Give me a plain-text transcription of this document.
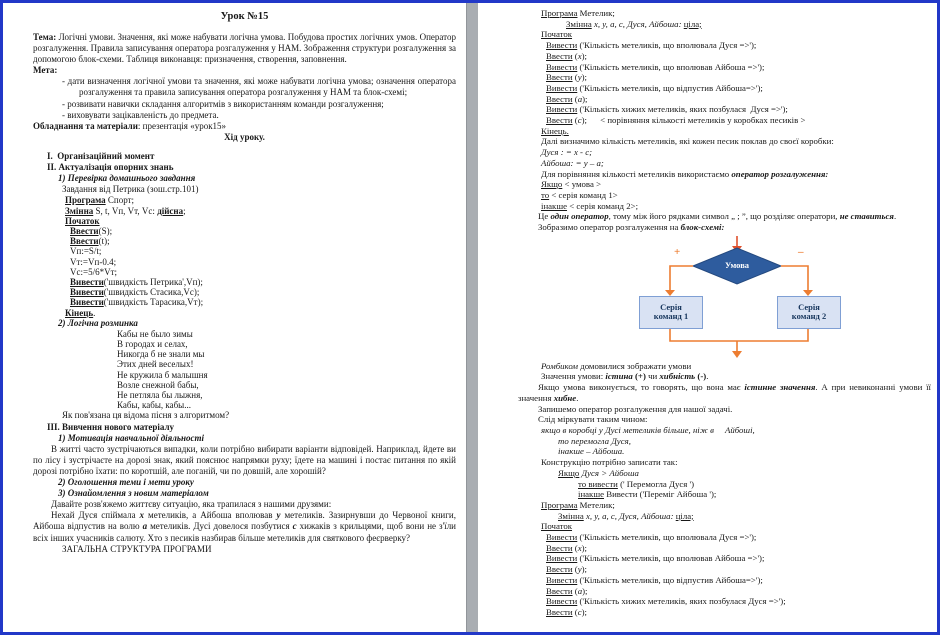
Урок №15

Тема: Логічні умови. Значення, які може набувати логічна умова. Побудова простих логічних умов. Оператор розгалуження. Правила записування оператора розгалуження у НАМ. Зображення структури розгалуження за допомогою блок-схеми. Таблиця виконавця: призначення, створення, заповнення.
Мета:
- дати визначення логічної умови та значення, які може набувати логічна умова; означення оператора розгалуження та правила записування оператора розгалуження у НАМ та блок-схемі;
- розвивати навички складання алгоритмів з використанням команди розгалуження;
- виховувати зацікавленість до предмета.
Обладнання та матеріали: презентація «урок15»
Хід уроку.

I.  Організаційний момент
II. Актуалізація опорних знань
1) Перевірка домашнього завдання
Завдання від Петрика (зош.стр.101)
Програма Спорт;
Змінна S, t, Vп, Vт, Vс: дійсна;
Початок
Ввести(S);
Ввести(t);
Vп:=S/t;
Vт:=Vп-0.4;
Vс:=5/6*Vт;
Вивести('швидкість Петрика',Vп);
Вивести('швидкість Стасика,Vс);
Вивести('швидкість Тарасика,Vт);
Кінець.
2) Логічна розминка
Кабы не было зимы
В городах и селах,
Никогда б не знали мы
Этих дней веселых!
Не кружила б малышня
Возле снежной бабы,
Не петляла бы лыжня,
Кабы, кабы, кабы...
Як пов'язана ця відома пісня з алгоритмом?
III. Вивчення нового матеріалу
1) Мотивація навчальної діяльності
В житті часто зустрічаються випадки, коли потрібно вибирати варіанти відповідей. Наприклад, йдете ви по лісу і зустрічаєте на дорозі знак, який пояснює напрямки руху; їдете на машині і постає питання по якій дорозі потрібно їхати: по коротшій, але поганій, чи по довшій, але хорошій?
2) Оголошення теми і мети уроку
3) Ознайомлення з новим матеріалом
Давайте розв'яжемо життєву ситуацію, яка трапилася з нашими друзями:
Нехай Дуся спіймала x метеликів, а Айбоша вполював y метеликів. Зазирнувши до Червоної книги, Айбоша відпустив на волю a метеликів. Дусі довелося позбутися c хижаків з крильцями, щоб вони не з'їли всіх інших учасників салюту. Хто з песиків назбирав більше метеликів для святкового феєрверку?
ЗАГАЛЬНА СТРУКТУРА ПРОГРАМИ
Програма Метелик;
Змінна x, y, a, c, Дуся, Айбоша: ціла;
Початок
Вивести ('Кількість метеликів, що вполювала Дуся =>');
Ввести (x);
Вивести ('Кількість метеликів, що вполював Айбоша =>');
Ввести (y);
Вивести ('Кількість метеликів, що відпустив Айбоша=>');
Ввести (a);
Вивести ('Кількість хижих метеликів, яких позбулася  Дуся =>');
Ввести (c);      < порівняння кількості метеликів у коробках песиків >
Кінець.
Далі визначимо кількість метеликів, які кожен песик поклав до своєї коробки:
Дуся : = x - c;
Айбоша: = y – a;
Для порівняння кількості метеликів використаємо оператор розгалуження:
Якщо < умова >
то < серія команд 1>
інакше < серія команд 2>;
Це один оператор, тому між його рядками символ „ ; ”, що розділяє оператори, не ставиться.
Зобразимо оператор розгалуження на блок-схемі:
Умова
+	–
Серія команд 1
Серія команд 2
Ромбиком домовилися зображати умови
Значення умови: істина (+) чи хибність (-).
Якщо умова виконується, то говорять, що вона має істинне значення. А при невиконанні умови її значення хибне.
Запишемо оператор розгалуження для нашої задачі.
Слід міркувати таким чином:
якщо в коробці у Дусі метеликів більше, ніж в     Айбоші,
то перемогла Дуся,
інакше – Айбоша.
Конструкцію потрібно записати так:
Якщо Дуся > Айбоша
то вивести (' Перемогла Дуся ')
інакше Вивести ('Переміг Айбоша ');
Програма Метелик;
Змінна x, y, a, c, Дуся, Айбоша: ціла;
Початок
Вивести ('Кількість метеликів, що вполювала Дуся =>');
Ввести (x);
Вивести ('Кількість метеликів, що вполював Айбоша =>');
Ввести (y);
Вивести ('Кількість метеликів, що відпустив Айбоша=>');
Ввести (a);
Вивести ('Кількість хижих метеликів, яких позбулася Дуся =>');
Ввести (c);
